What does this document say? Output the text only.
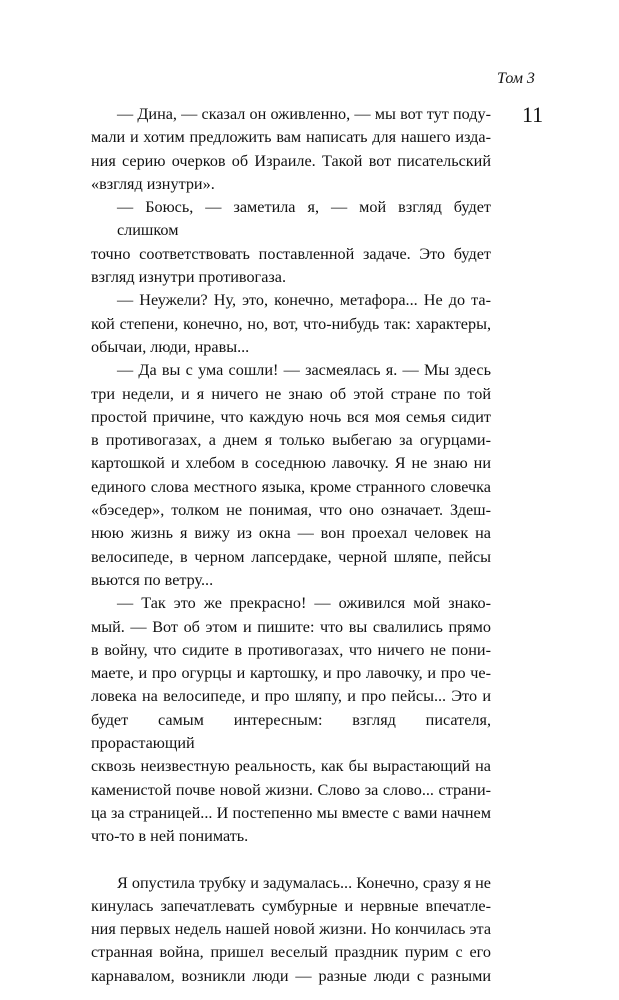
Том 3
11
— Дина, — сказал он оживленно, — мы вот тут поду-
мали и хотим предложить вам написать для нашего изда-
ния серию очерков об Израиле. Такой вот писательский
«взгляд изнутри».
— Боюсь, — заметила я, — мой взгляд будет слишком
точно соответствовать поставленной задаче. Это будет
взгляд изнутри противогаза.
— Неужели? Ну, это, конечно, метафора... Не до та-
кой степени, конечно, но, вот, что-нибудь так: характеры,
обычаи, люди, нравы...
— Да вы с ума сошли! — засмеялась я. — Мы здесь
три недели, и я ничего не знаю об этой стране по той
простой причине, что каждую ночь вся моя семья сидит
в противогазах, а днем я только выбегаю за огурцами-
картошкой и хлебом в соседнюю лавочку. Я не знаю ни
единого слова местного языка, кроме странного словечка
«бэседер», толком не понимая, что оно означает. Здеш-
нюю жизнь я вижу из окна — вон проехал человек на
велосипеде, в черном лапсердаке, черной шляпе, пейсы
вьются по ветру...
— Так это же прекрасно! — оживился мой знако-
мый. — Вот об этом и пишите: что вы свалились прямо
в войну, что сидите в противогазах, что ничего не пони-
маете, и про огурцы и картошку, и про лавочку, и про че-
ловека на велосипеде, и про шляпу, и про пейсы... Это и
будет самым интересным: взгляд писателя, прорастающий
сквозь неизвестную реальность, как бы вырастающий на
каменистой почве новой жизни. Слово за слово... страни-
ца за страницей... И постепенно мы вместе с вами начнем
что-то в ней понимать.
Я опустила трубку и задумалась... Конечно, сразу я не
кинулась запечатлевать сумбурные и нервные впечатле-
ния первых недель нашей новой жизни. Но кончилась эта
странная война, пришел веселый праздник пурим с его
карнавалом, возникли люди — разные люди с разными
